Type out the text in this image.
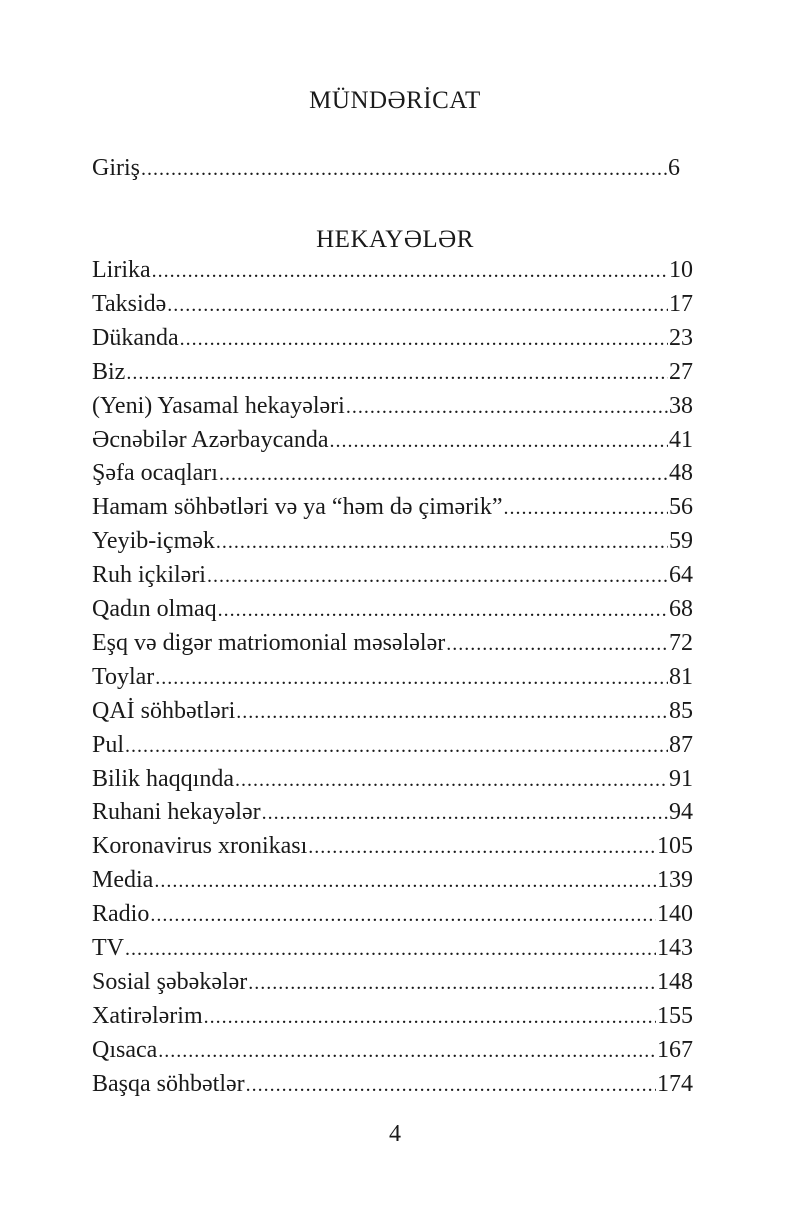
MÜNDƏRİCAT
Giriş .....	6
HEKAYƏLƏR
Lirika .....	10
Taksidə .....	17
Dükanda .....	23
Biz .....	27
(Yeni) Yasamal hekayələri .....	38
Əcnəbilər Azərbaycanda .....	41
Şəfa ocaqları .....	48
Hamam söhbətləri və ya “həm də çimərik” .....	56
Yeyib-içmək .....	59
Ruh içkiləri .....	64
Qadın olmaq .....	68
Eşq və digər matriomonial məsələlər .....	72
Toylar .....	81
QAİ söhbətləri .....	85
Pul .....	87
Bilik haqqında .....	91
Ruhani hekayələr .....	94
Koronavirus xronikası .....	105
Media .....	139
Radio .....	140
TV .....	143
Sosial şəbəkələr .....	148
Xatirələrim .....	155
Qısaca .....	167
Başqa söhbətlər .....	174
4
